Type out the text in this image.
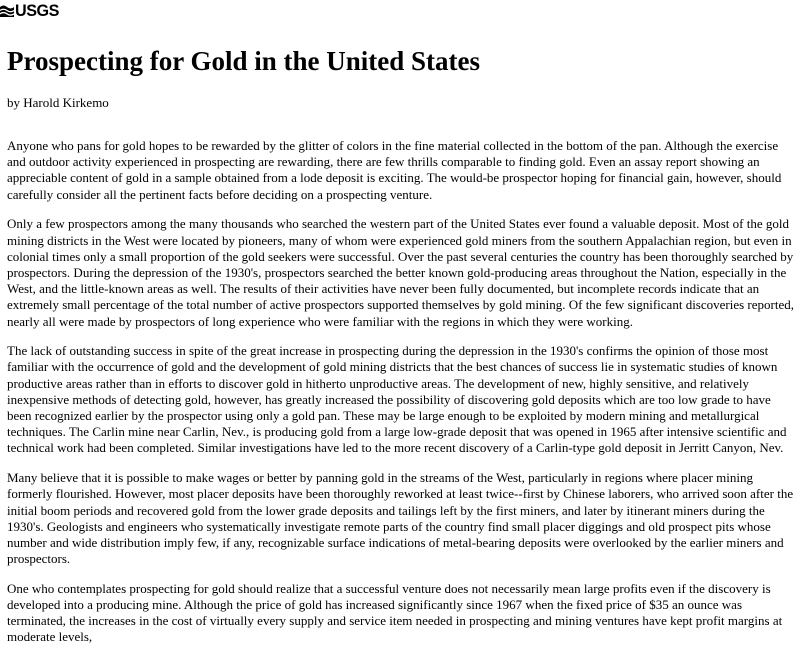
USGS
Prospecting for Gold in the United States

by Harold Kirkemo

Anyone who pans for gold hopes to be rewarded by the glitter of colors in the fine material collected in the bottom of the pan. Although the exercise and outdoor activity experienced in prospecting are rewarding, there are few thrills comparable to finding gold. Even an assay report showing an appreciable content of gold in a sample obtained from a lode deposit is exciting. The would-be prospector hoping for financial gain, however, should carefully consider all the pertinent facts before deciding on a prospecting venture.

Only a few prospectors among the many thousands who searched the western part of the United States ever found a valuable deposit. Most of the gold mining districts in the West were located by pioneers, many of whom were experienced gold miners from the southern Appalachian region, but even in colonial times only a small proportion of the gold seekers were successful. Over the past several centuries the country has been thoroughly searched by prospectors. During the depression of the 1930's, prospectors searched the better known gold-producing areas throughout the Nation, especially in the West, and the little-known areas as well. The results of their activities have never been fully documented, but incomplete records indicate that an extremely small percentage of the total number of active prospectors supported themselves by gold mining. Of the few significant discoveries reported, nearly all were made by prospectors of long experience who were familiar with the regions in which they were working.

The lack of outstanding success in spite of the great increase in prospecting during the depression in the 1930's confirms the opinion of those most familiar with the occurrence of gold and the development of gold mining districts that the best chances of success lie in systematic studies of known productive areas rather than in efforts to discover gold in hitherto unproductive areas. The development of new, highly sensitive, and relatively inexpensive methods of detecting gold, however, has greatly increased the possibility of discovering gold deposits which are too low grade to have been recognized earlier by the prospector using only a gold pan. These may be large enough to be exploited by modern mining and metallurgical techniques. The Carlin mine near Carlin, Nev., is producing gold from a large low-grade deposit that was opened in 1965 after intensive scientific and technical work had been completed. Similar investigations have led to the more recent discovery of a Carlin-type gold deposit in Jerritt Canyon, Nev.

Many believe that it is possible to make wages or better by panning gold in the streams of the West, particularly in regions where placer mining formerly flourished. However, most placer deposits have been thoroughly reworked at least twice--first by Chinese laborers, who arrived soon after the initial boom periods and recovered gold from the lower grade deposits and tailings left by the first miners, and later by itinerant miners during the 1930's. Geologists and engineers who systematically investigate remote parts of the country find small placer diggings and old prospect pits whose number and wide distribution imply few, if any, recognizable surface indications of metal-bearing deposits were overlooked by the earlier miners and prospectors.

One who contemplates prospecting for gold should realize that a successful venture does not necessarily mean large profits even if the discovery is developed into a producing mine. Although the price of gold has increased significantly since 1967 when the fixed price of $35 an ounce was terminated, the increases in the cost of virtually every supply and service item needed in prospecting and mining ventures have kept profit margins at moderate levels,
